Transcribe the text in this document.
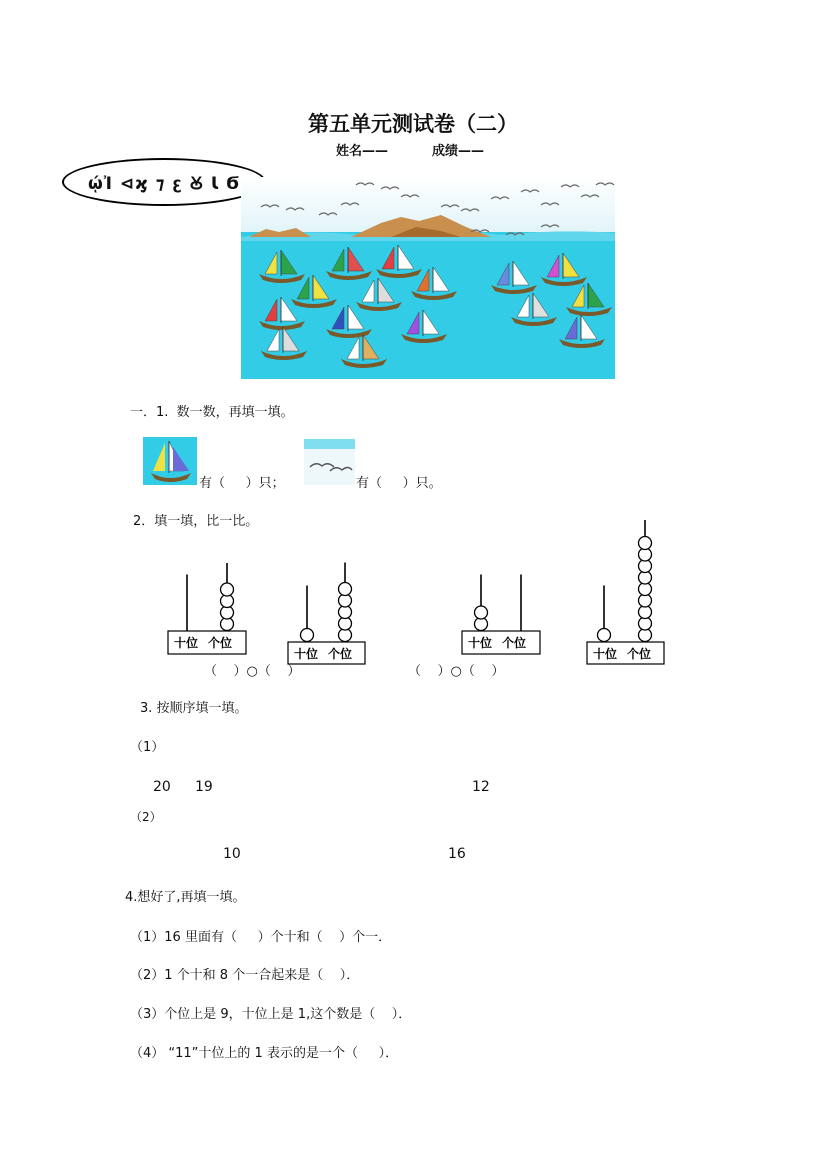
第五单元测试卷（二）
姓名——	成绩——
ῴἸ ⊲ϗ ⁊ ꜫ Ꙋ Ꙇ Ϭ
一．1.  数一数，再填一填。
有（     ）只；	有（     ）只。
2．填一填，比一比。
十位 个位
十位 个位
十位 个位
十位 个位
（    ）○（    ）	（    ）○（    ）
3. 按顺序填一填。
（1）
20 19	12
（2）
10	16
4.想好了,再填一填。
（1）16 里面有（     ）个十和（    ）个一．
（2）1 个十和 8 个一合起来是（    ）．
（3）个位上是 9，十位上是 1,这个数是（    ）．
（4） “11”十位上的 1 表示的是一个（     ）．
